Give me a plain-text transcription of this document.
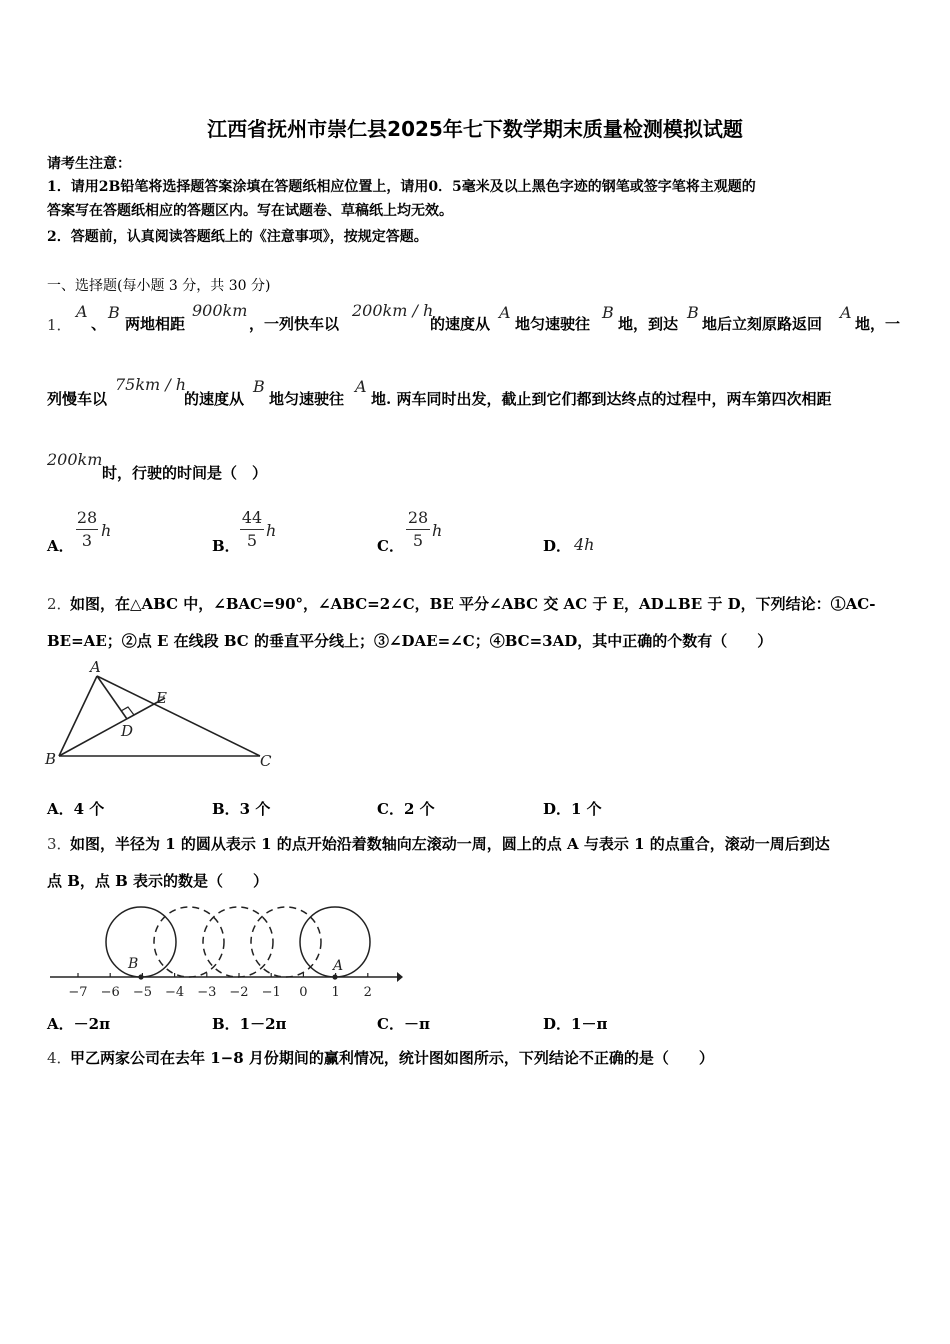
江西省抚州市崇仁县2025年七下数学期末质量检测模拟试题
请考生注意：
1．请用2B铅笔将选择题答案涂填在答题纸相应位置上，请用0．5毫米及以上黑色字迹的钢笔或签字笔将主观题的
答案写在答题纸相应的答题区内。写在试题卷、草稿纸上均无效。
2．答题前，认真阅读答题纸上的《注意事项》，按规定答题。
一、选择题(每小题 3 分，共 30 分)
1．
A
、
B
两地相距
900km
，一列快车以
200km / h
的速度从
A
地匀速驶往
B
地，到达
B
地后立刻原路返回
A
地，一
列慢车以
75km / h
的速度从
B
地匀速驶往
A
地. 两车同时出发，截止到它们都到达终点的过程中，两车第四次相距
200km
时，行驶的时间是（　）
A．
28
3
h
B．
44
5
h
C．
28
5
h
D． 4h
2．
如图，在△ABC 中，∠BAC=90°，∠ABC=2∠C，BE 平分∠ABC 交 AC 于 E，AD⊥BE 于 D，下列结论：①AC-
BE=AE；②点 E 在线段 BC 的垂直平分线上；③∠DAE=∠C；④BC=3AD，其中正确的个数有（　　）
A
B	C
D
E
A．4 个	B．3 个	C．2 个	D．1 个
3．
如图，半径为 1 的圆从表示 1 的点开始沿着数轴向左滚动一周，圆上的点 A 与表示 1 的点重合，滚动一周后到达
点 B，点 B 表示的数是（　　）
−7 −6 −5 −4 −3 −2 −1 0 1 2
A
B
A．－2π	B．1－2π	C．－π	D．1－π
4．
甲乙两家公司在去年 1−8 月份期间的赢利情况，统计图如图所示，下列结论不正确的是（　　）
